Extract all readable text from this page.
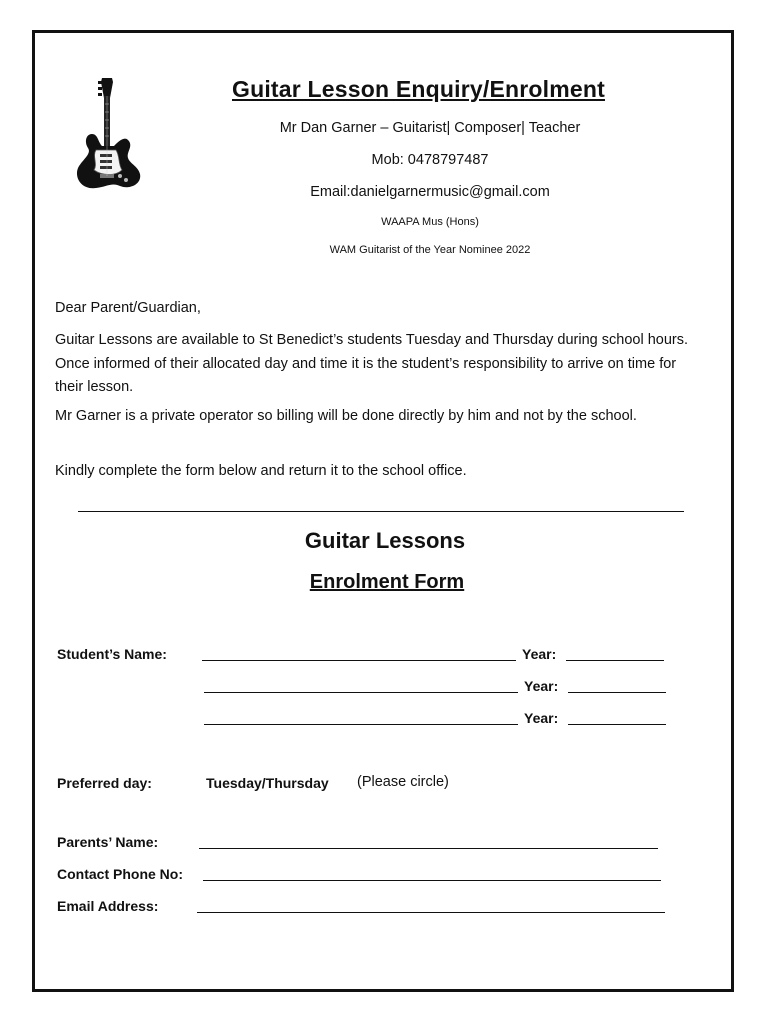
Guitar Lesson Enquiry/Enrolment
Mr Dan Garner – Guitarist| Composer| Teacher
Mob: 0478797487
Email:danielgarnermusic@gmail.com
WAAPA Mus (Hons)
WAM Guitarist of the Year Nominee 2022
Dear Parent/Guardian,
Guitar Lessons are available to St Benedict’s students Tuesday and Thursday during school hours. Once informed of their allocated day and time it is the student’s responsibility to arrive on time for their lesson.
Mr Garner is a private operator so billing will be done directly by him and not by the school.
Kindly complete the form below and return it to the school office.
Guitar Lessons
Enrolment Form
Student’s Name:	Year:
Year:
Year:
Preferred day:	Tuesday/Thursday (Please circle)
Parents’ Name:
Contact Phone No:
Email Address:
